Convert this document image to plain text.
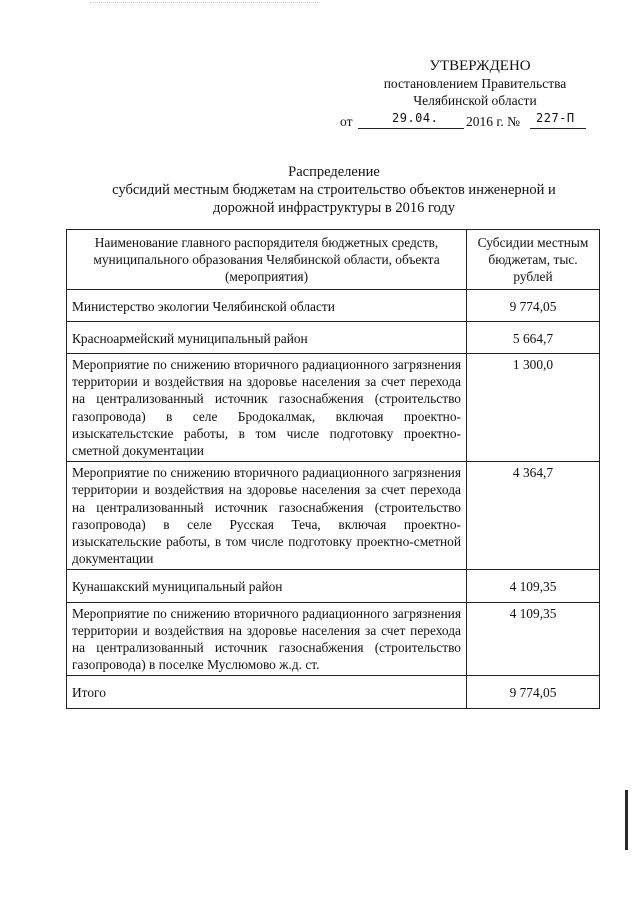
УТВЕРЖДЕНО
постановлением Правительства
Челябинской области
от	29.04. 2016 г. № 227-П
Распределение
субсидий местным бюджетам на строительство объектов инженерной и
дорожной инфраструктуры в 2016 году
Наименование главного распорядителя бюджетных средств, муниципального образования Челябинской области, объекта (мероприятия)	Субсидии местным бюджетам, тыс. рублей
Министерство экологии Челябинской области	9 774,05
Красноармейский муниципальный район	5 664,7
Мероприятие по снижению вторичного радиационного загрязнения территории и воздействия на здоровье населения за счет перехода на централизованный источник газоснабжения (строительство газопровода) в селе Бродокалмак, включая проектно-изыскательстские работы, в том числе подготовку проектно-сметной документации	1 300,0
Мероприятие по снижению вторичного радиационного загрязнения территории и воздействия на здоровье населения за счет перехода на централизованный источник газоснабжения (строительство газопровода) в селе Русская Теча, включая проектно-изыскательские работы, в том числе подготовку проектно-сметной документации	4 364,7
Кунашакский муниципальный район	4 109,35
Мероприятие по снижению вторичного радиационного загрязнения территории и воздействия на здоровье населения за счет перехода на централизованный источник газоснабжения (строительство газопровода) в поселке Муслюмово ж.д. ст.	4 109,35
Итого	9 774,05
